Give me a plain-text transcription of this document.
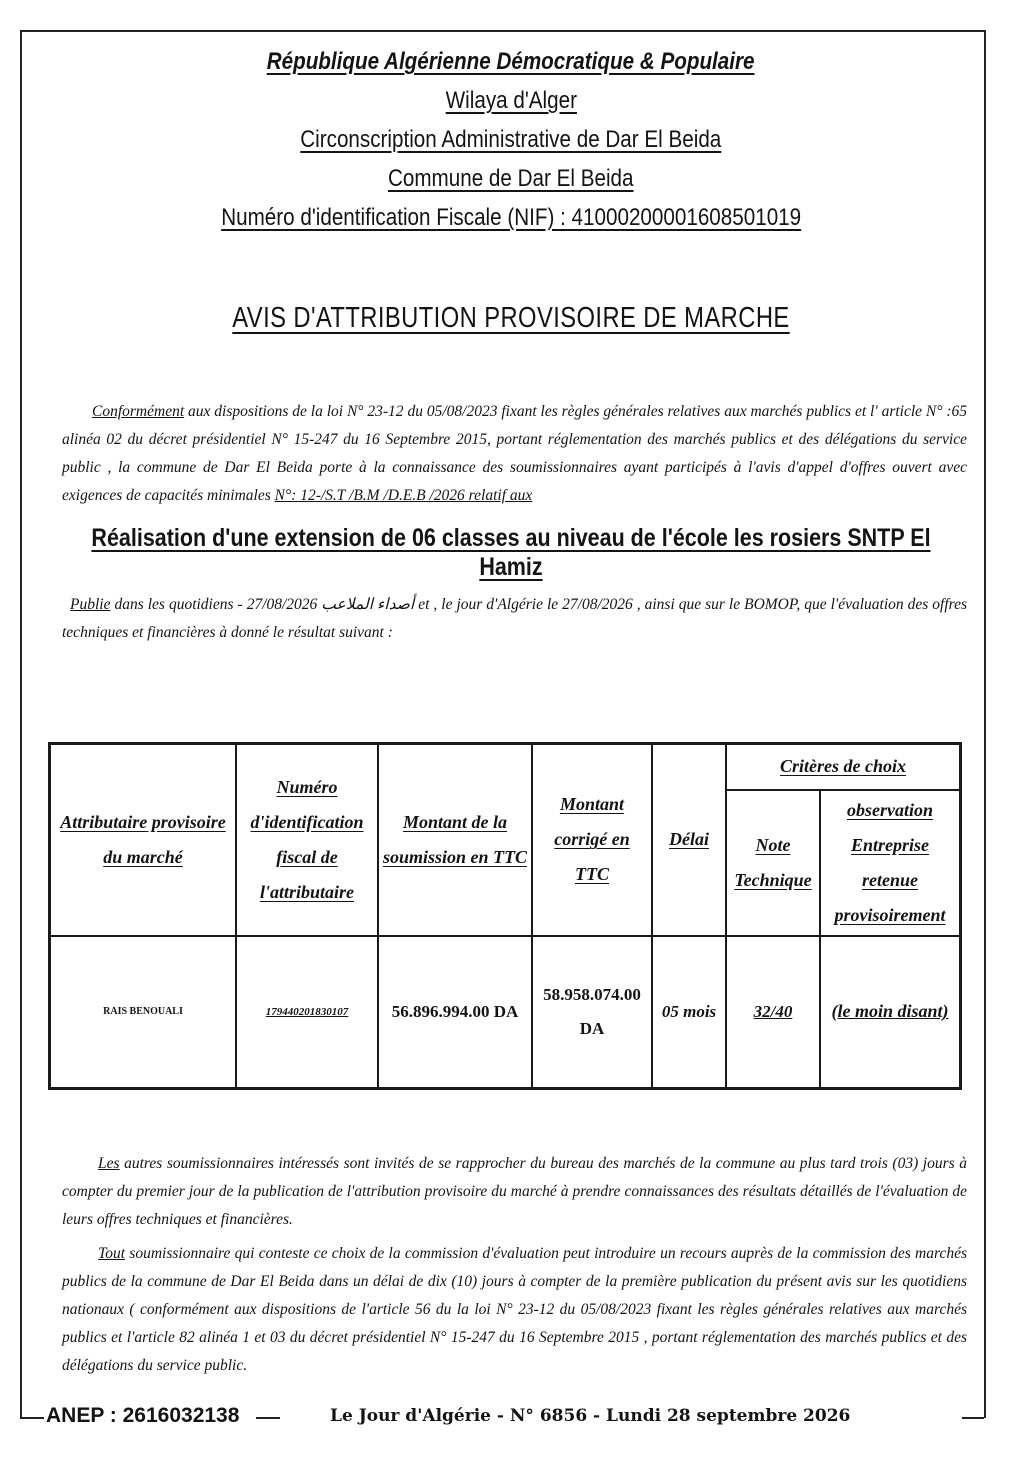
République Algérienne Démocratique & Populaire
Wilaya d'Alger
Circonscription Administrative de Dar El Beida
Commune de Dar El Beida
Numéro d'identification Fiscale (NIF) : 410002000016085010​19
AVIS D'ATTRIBUTION PROVISOIRE DE MARCHE
Conformément aux dispositions de la loi N° 23-12 du 05/08/2023 fixant les règles générales relatives aux marchés publics et l' article N° :65 alinéa 02 du décret présidentiel N° 15-247 du 16 Septembre 2015, portant réglementation des marchés publics et des délégations du service public , la commune de Dar El Beida porte à la connaissance des soumissionnaires ayant participés à l'avis d'appel d'offres ouvert avec exigences de capacités minimales N°: 12-/S.T /B.M /D.E.B /2026 relatif aux
Réalisation d'une extension de 06 classes au niveau de l'école les rosiers SNTP El Hamiz
Publie dans les quotidiens - أصداء الملاعب 27/08/2026 et , le jour d'Algérie le 27/08/2026 , ainsi que sur le BOMOP, que l'évaluation des offres techniques et financières à donné le résultat suivant :
Attributaire provisoire du marché	Numéro d'identification fiscal de l'attributaire	Montant de la soumission en TTC	Montant corrigé en TTC	Délai	Critères de choix	
					Note Technique	observation Entreprise retenue provisoirement
RAIS BENOUALI	179440201830107	56.896.994.00 DA	58.958.074.00 DA	05 mois	32/40	(le moin disant)
Les autres soumissionnaires intéressés sont invités de se rapprocher du bureau des marchés de la commune au plus tard trois (03) jours à compter du premier jour de la publication de l'attribution provisoire du marché à prendre connaissances des résultats détaillés de l'évaluation de leurs offres techniques et financières.
Tout soumissionnaire qui conteste ce choix de la commission d'évaluation peut introduire un recours auprès de la commission des marchés publics de la commune de Dar El Beida dans un délai de dix (10) jours à compter de la première publication du présent avis sur les quotidiens nationaux ( conformément aux dispositions de l'article 56 du la loi N° 23-12 du 05/08/2023 fixant les règles générales relatives aux marchés publics et l'article 82 alinéa 1 et 03 du décret présidentiel N° 15-247 du 16 Septembre 2015 , portant réglementation des marchés publics et des délégations du service public.
ANEP : 2616032138	Le Jour d'Algérie - N° 6856 - Lundi 28 septembre 2026
